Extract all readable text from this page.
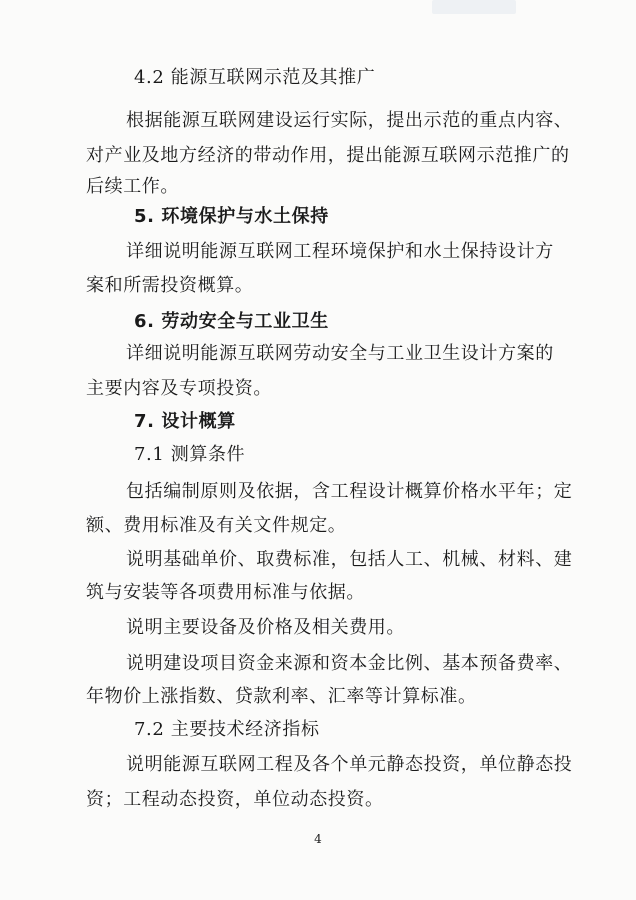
4.2 能源互联网示范及其推广
根据能源互联网建设运行实际，提出示范的重点内容、
对产业及地方经济的带动作用，提出能源互联网示范推广的
后续工作。
5. 环境保护与水土保持
详细说明能源互联网工程环境保护和水土保持设计方
案和所需投资概算。
6. 劳动安全与工业卫生
详细说明能源互联网劳动安全与工业卫生设计方案的
主要内容及专项投资。
7. 设计概算
7.1 测算条件
包括编制原则及依据，含工程设计概算价格水平年；定
额、费用标准及有关文件规定。
说明基础单价、取费标准，包括人工、机械、材料、建
筑与安装等各项费用标准与依据。
说明主要设备及价格及相关费用。
说明建设项目资金来源和资本金比例、基本预备费率、
年物价上涨指数、贷款利率、汇率等计算标准。
7.2 主要技术经济指标
说明能源互联网工程及各个单元静态投资，单位静态投
资；工程动态投资，单位动态投资。
4
